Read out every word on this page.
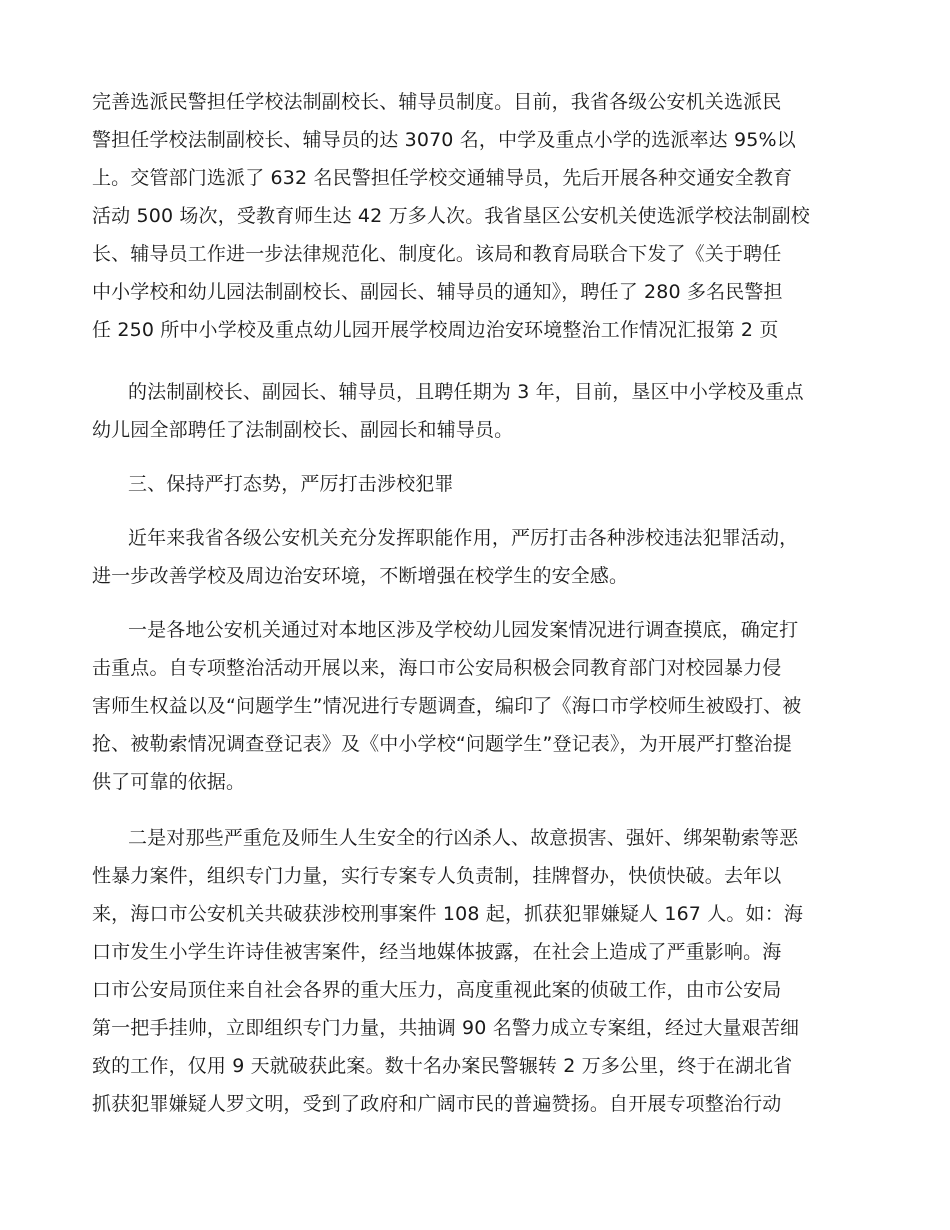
完善选派民警担任学校法制副校长、辅导员制度。目前，我省各级公安机关选派民
警担任学校法制副校长、辅导员的达 3070 名，中学及重点小学的选派率达 95%以
上。交管部门选派了 632 名民警担任学校交通辅导员，先后开展各种交通安全教育
活动 500 场次，受教育师生达 42 万多人次。我省垦区公安机关使选派学校法制副校
长、辅导员工作进一步法律规范化、制度化。该局和教育局联合下发了《关于聘任
中小学校和幼儿园法制副校长、副园长、辅导员的通知》，聘任了 280 多名民警担
任 250 所中小学校及重点幼儿园开展学校周边治安环境整治工作情况汇报第 2 页
的法制副校长、副园长、辅导员，且聘任期为 3 年，目前，垦区中小学校及重点
幼儿园全部聘任了法制副校长、副园长和辅导员。
三、保持严打态势，严厉打击涉校犯罪
近年来我省各级公安机关充分发挥职能作用，严厉打击各种涉校违法犯罪活动，
进一步改善学校及周边治安环境，不断增强在校学生的安全感。
一是各地公安机关通过对本地区涉及学校幼儿园发案情况进行调查摸底，确定打
击重点。自专项整治活动开展以来，海口市公安局积极会同教育部门对校园暴力侵
害师生权益以及“问题学生”情况进行专题调查，编印了《海口市学校师生被殴打、被
抢、被勒索情况调查登记表》及《中小学校“问题学生”登记表》，为开展严打整治提
供了可靠的依据。
二是对那些严重危及师生人生安全的行凶杀人、故意损害、强奸、绑架勒索等恶
性暴力案件，组织专门力量，实行专案专人负责制，挂牌督办，快侦快破。去年以
来，海口市公安机关共破获涉校刑事案件 108 起，抓获犯罪嫌疑人 167 人。如：海
口市发生小学生许诗佳被害案件，经当地媒体披露，在社会上造成了严重影响。海
口市公安局顶住来自社会各界的重大压力，高度重视此案的侦破工作，由市公安局
第一把手挂帅，立即组织专门力量，共抽调 90 名警力成立专案组，经过大量艰苦细
致的工作，仅用 9 天就破获此案。数十名办案民警辗转 2 万多公里，终于在湖北省
抓获犯罪嫌疑人罗文明，受到了政府和广阔市民的普遍赞扬。自开展专项整治行动
